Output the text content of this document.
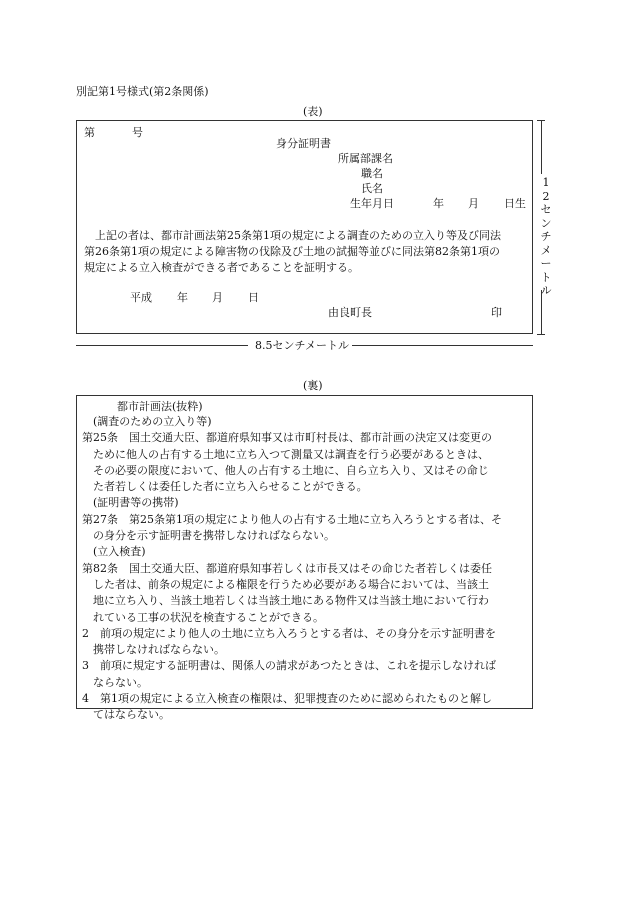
別記第1号様式(第2条関係)
(表)
第	号
身分証明書
所属部課名
職名
氏名
生年月日	年 月 日生
上記の者は、都市計画法第25条第1項の規定による調査のための立入り等及び同法
第26条第1項の規定による障害物の伐除及び土地の試掘等並びに同法第82条第1項の
規定による立入検査ができる者であることを証明する。
平成 年 月 日
由良町長	印
1
2
セ
ン
チ
メ
ー
ト
ル
8.5センチメートル
(裏)
都市計画法(抜粋)
(調査のための立入り等)
第25条　国土交通大臣、都道府県知事又は市町村長は、都市計画の決定又は変更の
ために他人の占有する土地に立ち入つて測量又は調査を行う必要があるときは、
その必要の限度において、他人の占有する土地に、自ら立ち入り、又はその命じ
た者若しくは委任した者に立ち入らせることができる。
(証明書等の携帯)
第27条　第25条第1項の規定により他人の占有する土地に立ち入ろうとする者は、そ
の身分を示す証明書を携帯しなければならない。
(立入検査)
第82条　国土交通大臣、都道府県知事若しくは市長又はその命じた者若しくは委任
した者は、前条の規定による権限を行うため必要がある場合においては、当該土
地に立ち入り、当該土地若しくは当該土地にある物件又は当該土地において行わ
れている工事の状況を検査することができる。
2　前項の規定により他人の土地に立ち入ろうとする者は、その身分を示す証明書を
携帯しなければならない。
3　前項に規定する証明書は、関係人の請求があつたときは、これを提示しなければ
ならない。
4　第1項の規定による立入検査の権限は、犯罪捜査のために認められたものと解し
てはならない。
